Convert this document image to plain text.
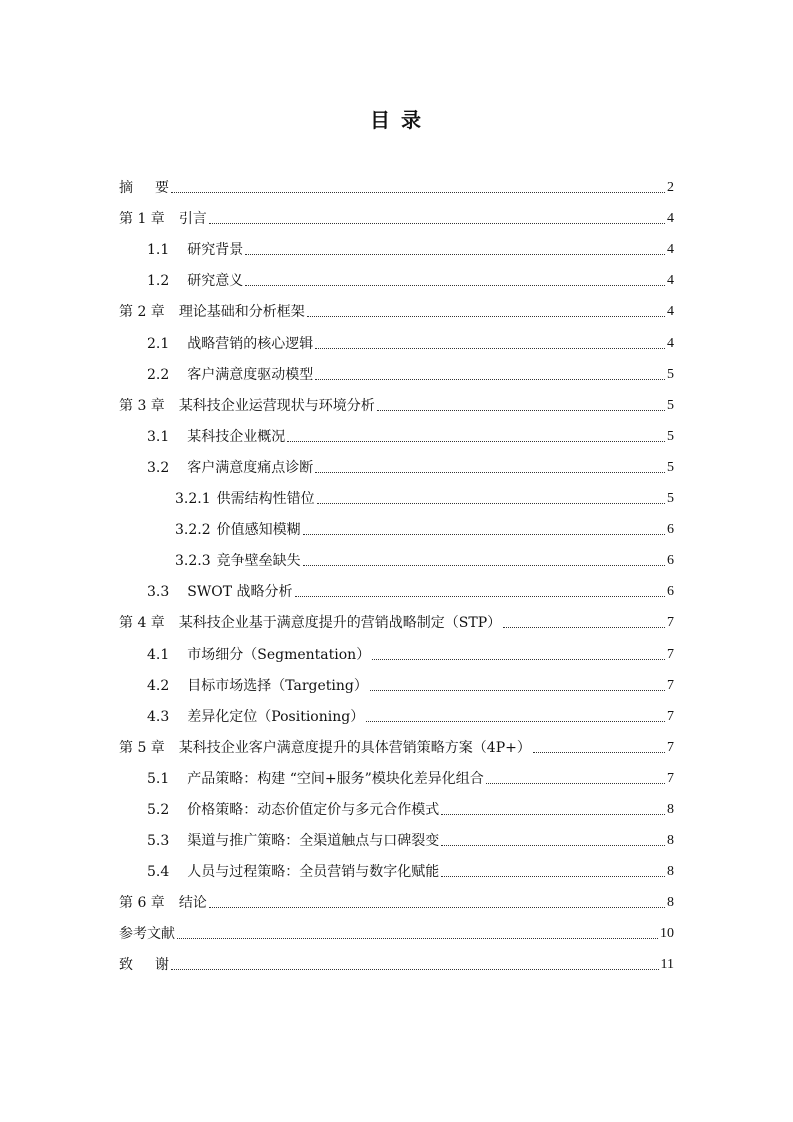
目 录
摘 要	2
第 1 章 引言	4
1.1 研究背景	4
1.2 研究意义	4
第 2 章 理论基础和分析框架	4
2.1 战略营销的核心逻辑	4
2.2 客户满意度驱动模型	5
第 3 章 某科技企业运营现状与环境分析	5
3.1 某科技企业概况	5
3.2 客户满意度痛点诊断	5
3.2.1 供需结构性错位	5
3.2.2 价值感知模糊	6
3.2.3 竞争壁垒缺失	6
3.3 SWOT 战略分析	6
第 4 章 某科技企业基于满意度提升的营销战略制定（STP）	7
4.1 市场细分（Segmentation）	7
4.2 目标市场选择（Targeting）	7
4.3 差异化定位（Positioning）	7
第 5 章 某科技企业客户满意度提升的具体营销策略方案（4P+）	7
5.1 产品策略：构建 “空间+服务”模块化差异化组合	7
5.2 价格策略：动态价值定价与多元合作模式	8
5.3 渠道与推广策略：全渠道触点与口碑裂变	8
5.4 人员与过程策略：全员营销与数字化赋能	8
第 6 章 结论	8
参考文献	10
致 谢	11
